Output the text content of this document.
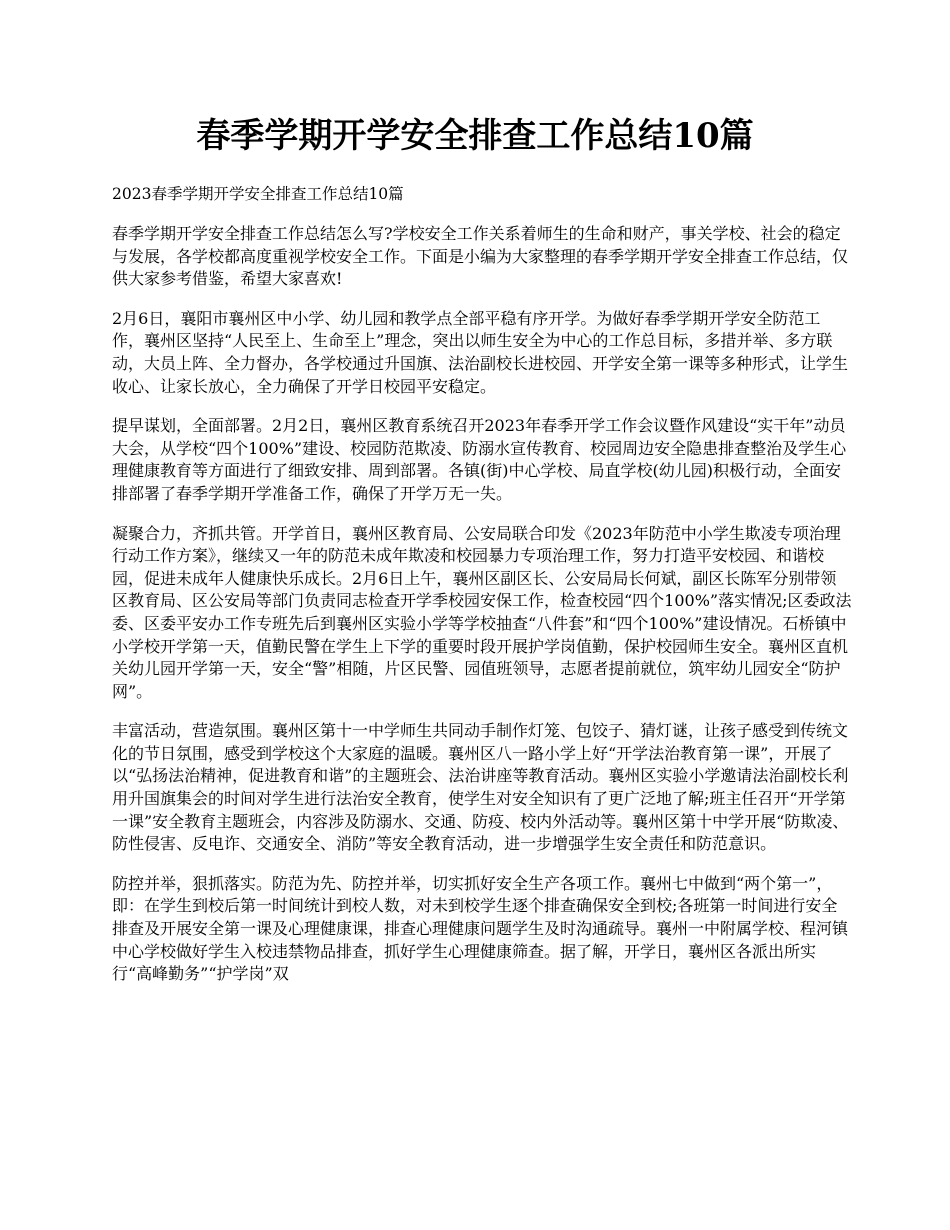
春季学期开学安全排查工作总结10篇

2023春季学期开学安全排查工作总结10篇

春季学期开学安全排查工作总结怎么写?学校安全工作关系着师生的生命和财产，事关学校、社会的稳定与发展，各学校都高度重视学校安全工作。下面是小编为大家整理的春季学期开学安全排查工作总结，仅供大家参考借鉴，希望大家喜欢!

2月6日，襄阳市襄州区中小学、幼儿园和教学点全部平稳有序开学。为做好春季学期开学安全防范工作，襄州区坚持“人民至上、生命至上”理念，突出以师生安全为中心的工作总目标，多措并举、多方联动，大员上阵、全力督办，各学校通过升国旗、法治副校长进校园、开学安全第一课等多种形式，让学生收心、让家长放心，全力确保了开学日校园平安稳定。

提早谋划，全面部署。2月2日，襄州区教育系统召开2023年春季开学工作会议暨作风建设“实干年”动员大会，从学校“四个100%”建设、校园防范欺凌、防溺水宣传教育、校园周边安全隐患排查整治及学生心理健康教育等方面进行了细致安排、周到部署。各镇(街)中心学校、局直学校(幼儿园)积极行动，全面安排部署了春季学期开学准备工作，确保了开学万无一失。

凝聚合力，齐抓共管。开学首日，襄州区教育局、公安局联合印发《2023年防范中小学生欺凌专项治理行动工作方案》，继续又一年的防范未成年欺凌和校园暴力专项治理工作，努力打造平安校园、和谐校园，促进未成年人健康快乐成长。2月6日上午，襄州区副区长、公安局局长何斌，副区长陈军分别带领区教育局、区公安局等部门负责同志检查开学季校园安保工作，检查校园“四个100%”落实情况;区委政法委、区委平安办工作专班先后到襄州区实验小学等学校抽查“八件套”和“四个100%”建设情况。石桥镇中小学校开学第一天，值勤民警在学生上下学的重要时段开展护学岗值勤，保护校园师生安全。襄州区直机关幼儿园开学第一天，安全“警”相随，片区民警、园值班领导，志愿者提前就位，筑牢幼儿园安全“防护网”。

丰富活动，营造氛围。襄州区第十一中学师生共同动手制作灯笼、包饺子、猜灯谜，让孩子感受到传统文化的节日氛围，感受到学校这个大家庭的温暖。襄州区八一路小学上好“开学法治教育第一课”，开展了以“弘扬法治精神，促进教育和谐”的主题班会、法治讲座等教育活动。襄州区实验小学邀请法治副校长利用升国旗集会的时间对学生进行法治安全教育，使学生对安全知识有了更广泛地了解;班主任召开“开学第一课”安全教育主题班会，内容涉及防溺水、交通、防疫、校内外活动等。襄州区第十中学开展“防欺凌、防性侵害、反电诈、交通安全、消防”等安全教育活动，进一步增强学生安全责任和防范意识。

防控并举，狠抓落实。防范为先、防控并举，切实抓好安全生产各项工作。襄州七中做到“两个第一”，即：在学生到校后第一时间统计到校人数，对未到校学生逐个排查确保安全到校;各班第一时间进行安全排查及开展安全第一课及心理健康课，排查心理健康问题学生及时沟通疏导。襄州一中附属学校、程河镇中心学校做好学生入校违禁物品排查，抓好学生心理健康筛查。据了解，开学日，襄州区各派出所实行“高峰勤务”“护学岗”双
